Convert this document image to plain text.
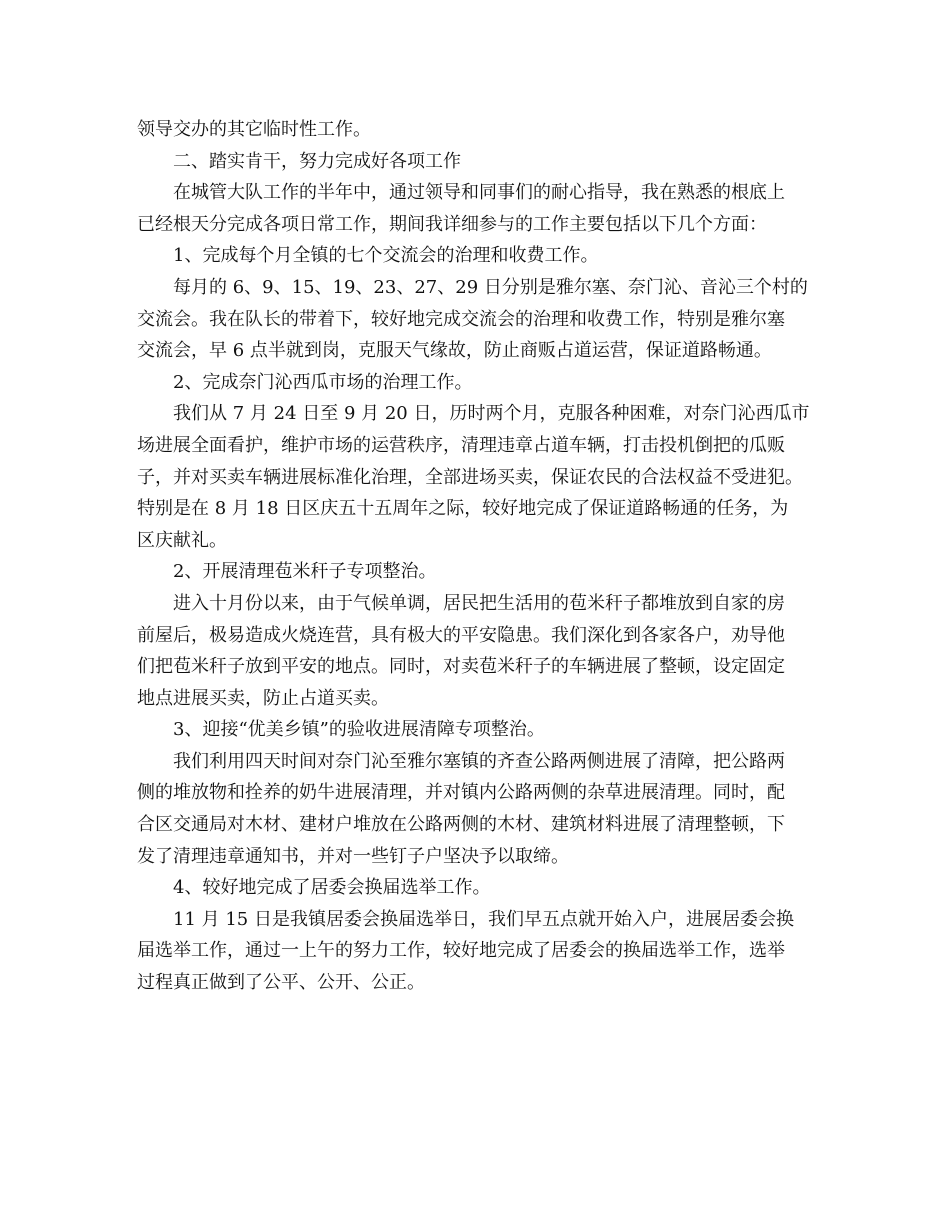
领导交办的其它临时性工作。

二、踏实肯干，努力完成好各项工作

在城管大队工作的半年中，通过领导和同事们的耐心指导，我在熟悉的根底上
已经根天分完成各项日常工作，期间我详细参与的工作主要包括以下几个方面：

1、完成每个月全镇的七个交流会的治理和收费工作。

每月的 6、9、15、19、23、27、29 日分别是雅尔塞、奈门沁、音沁三个村的
交流会。我在队长的带着下，较好地完成交流会的治理和收费工作，特别是雅尔塞
交流会，早 6 点半就到岗，克服天气缘故，防止商贩占道运营，保证道路畅通。

2、完成奈门沁西瓜市场的治理工作。

我们从 7 月 24 日至 9 月 20 日，历时两个月，克服各种困难，对奈门沁西瓜市
场进展全面看护，维护市场的运营秩序，清理违章占道车辆，打击投机倒把的瓜贩
子，并对买卖车辆进展标准化治理，全部进场买卖，保证农民的合法权益不受进犯。
特别是在 8 月 18 日区庆五十五周年之际，较好地完成了保证道路畅通的任务，为
区庆献礼。

2、开展清理苞米秆子专项整治。

进入十月份以来，由于气候单调，居民把生活用的苞米秆子都堆放到自家的房
前屋后，极易造成火烧连营，具有极大的平安隐患。我们深化到各家各户，劝导他
们把苞米秆子放到平安的地点。同时，对卖苞米秆子的车辆进展了整顿，设定固定
地点进展买卖，防止占道买卖。

3、迎接“优美乡镇”的验收进展清障专项整治。

我们利用四天时间对奈门沁至雅尔塞镇的齐查公路两侧进展了清障，把公路两
侧的堆放物和拴养的奶牛进展清理，并对镇内公路两侧的杂草进展清理。同时，配
合区交通局对木材、建材户堆放在公路两侧的木材、建筑材料进展了清理整顿，下
发了清理违章通知书，并对一些钉子户坚决予以取缔。

4、较好地完成了居委会换届选举工作。

11 月 15 日是我镇居委会换届选举日，我们早五点就开始入户，进展居委会换
届选举工作，通过一上午的努力工作，较好地完成了居委会的换届选举工作，选举
过程真正做到了公平、公开、公正。
